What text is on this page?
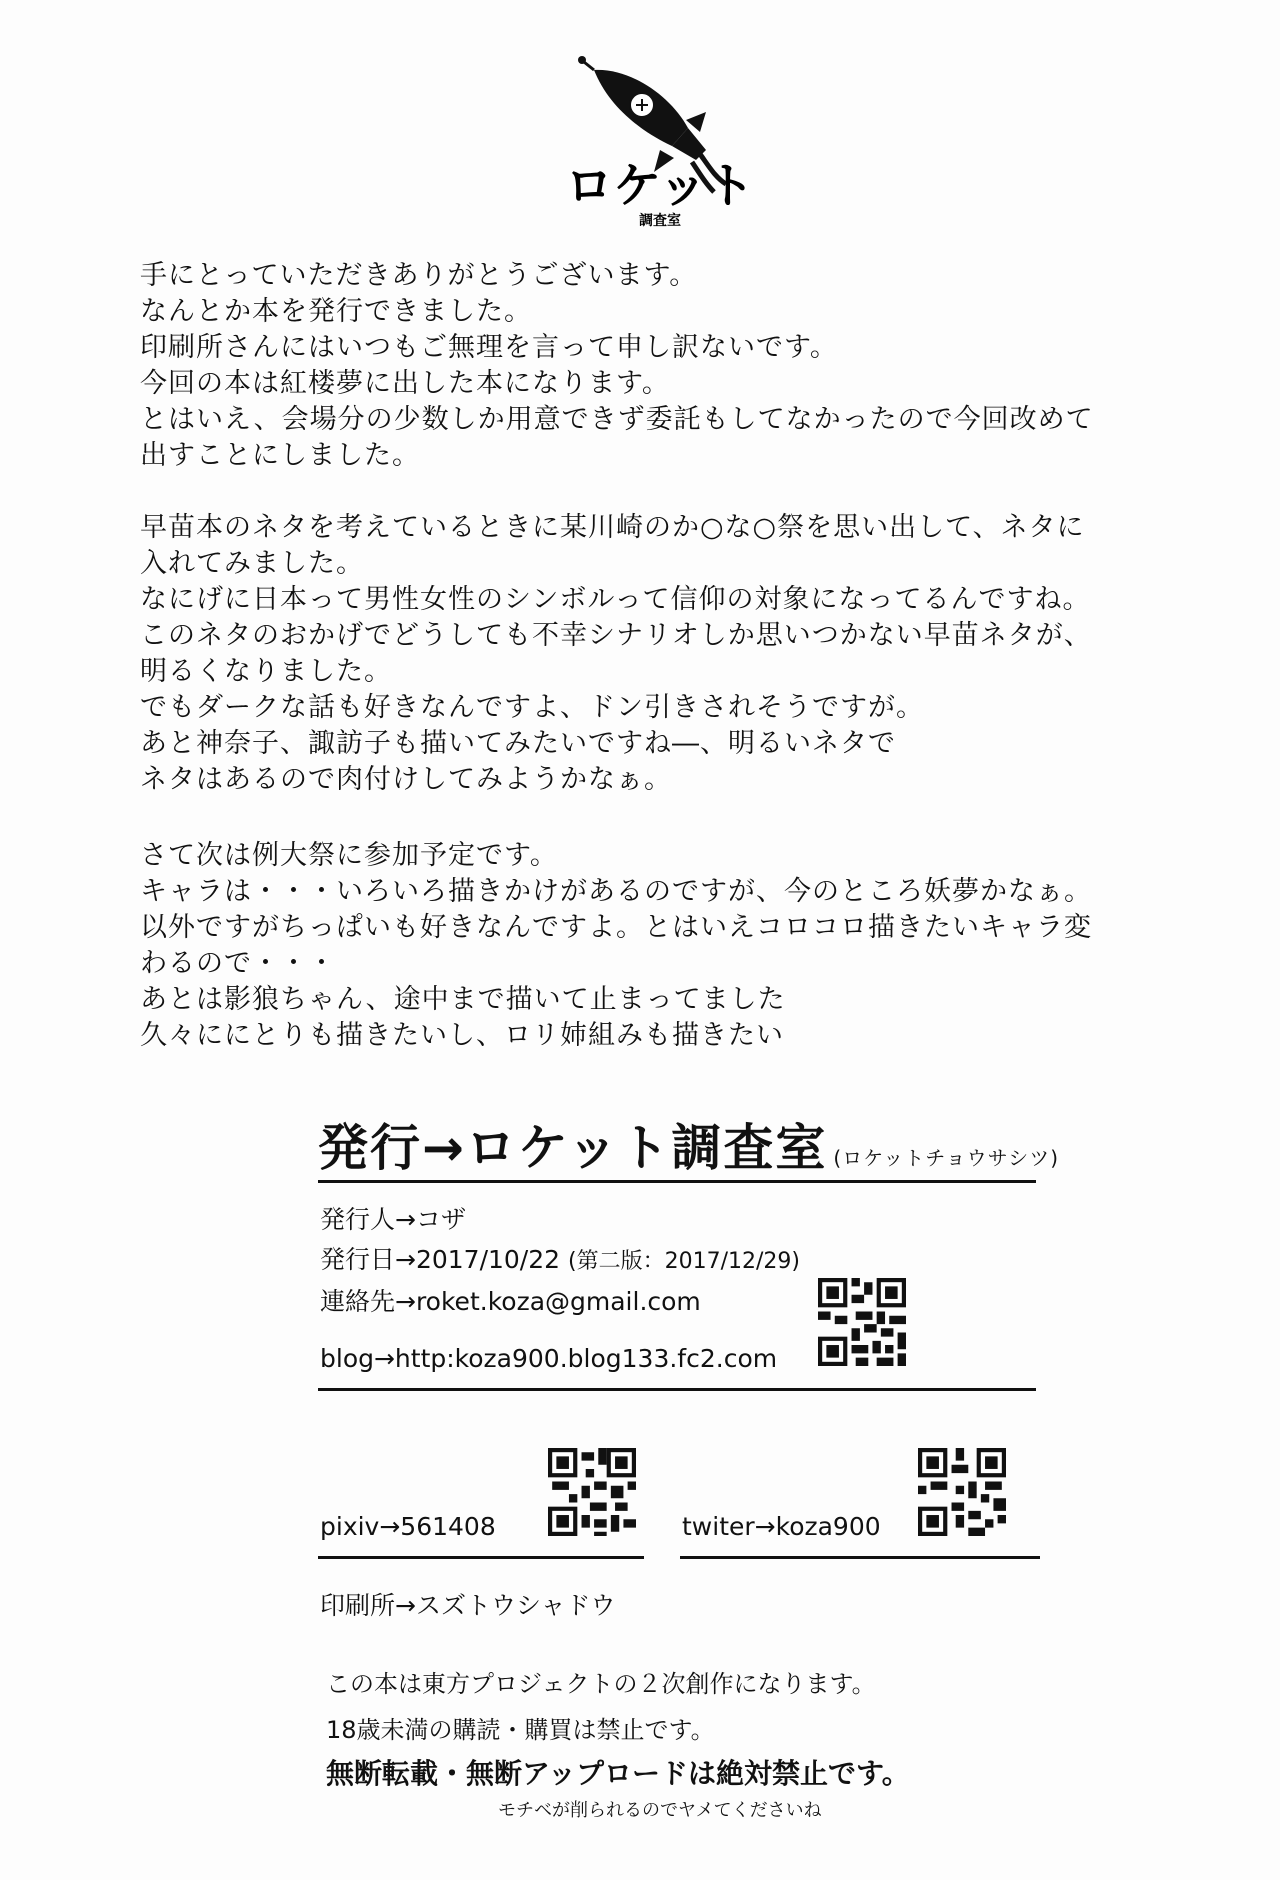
ロケット
調査室
手にとっていただきありがとうございます。
なんとか本を発行できました。
印刷所さんにはいつもご無理を言って申し訳ないです。
今回の本は紅楼夢に出した本になります。
とはいえ、会場分の少数しか用意できず委託もしてなかったので今回改めて
出すことにしました。
早苗本のネタを考えているときに某川崎のか○な○祭を思い出して、ネタに
入れてみました。
なにげに日本って男性女性のシンボルって信仰の対象になってるんですね。
このネタのおかげでどうしても不幸シナリオしか思いつかない早苗ネタが、
明るくなりました。
でもダークな話も好きなんですよ、ドン引きされそうですが。
あと神奈子、諏訪子も描いてみたいですね―、明るいネタで
ネタはあるので肉付けしてみようかなぁ。
さて次は例大祭に参加予定です。
キャラは・・・いろいろ描きかけがあるのですが、今のところ妖夢かなぁ。
以外ですがちっぱいも好きなんですよ。とはいえコロコロ描きたいキャラ変
わるので・・・
あとは影狼ちゃん、途中まで描いて止まってました
久々ににとりも描きたいし、ロリ姉組みも描きたい
発行→ロケット調査室 (ロケットチョウサシツ)
発行人→コザ
発行日→2017/10/22 (第二版：2017/12/29)
連絡先→roket.koza@gmail.com
blog→http:koza900.blog133.fc2.com
pixiv→561408	twiter→koza900
印刷所→スズトウシャドウ
この本は東方プロジェクトの２次創作になります。
18歳未満の購読・購買は禁止です。
無断転載・無断アップロードは絶対禁止です。
モチベが削られるのでヤメてくださいね
